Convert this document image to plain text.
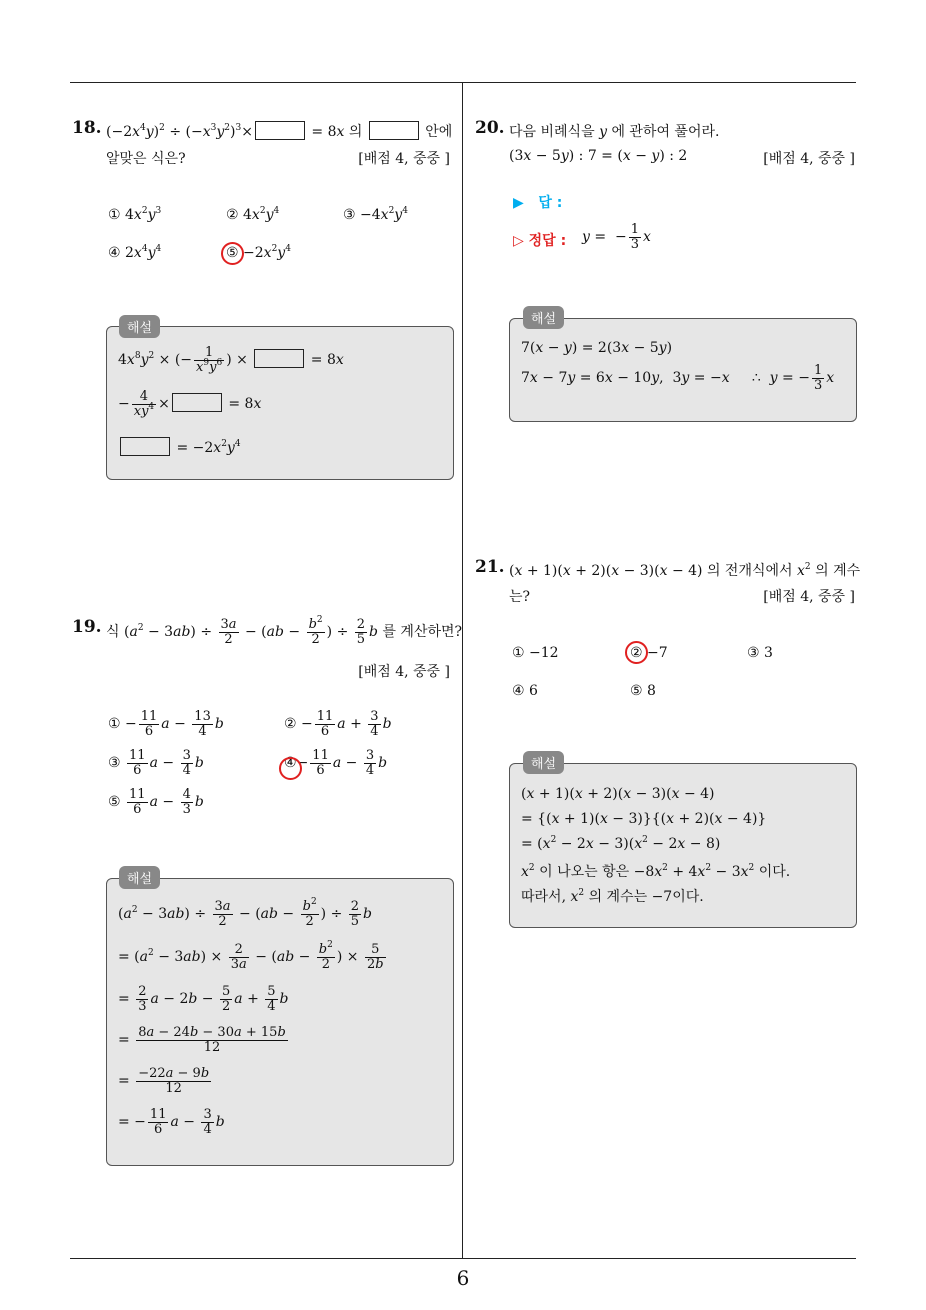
6
18. $(-2x^4y)^2 \div (-x^3y^2)^3\times$	= 8x 의	안에
알맞은 식은?	[배점 4, 중중 ]
① $4x^2y^3$	② $4x^2y^4$	③ $-4x^2y^4$
④ $2x^4y^4$	⑤ $-2x^2y^4$
해설
$4x^8y^2$ × (− $\frac{1}{x^9y^6}$ ) ×	= 8x
− $\frac{4}{xy^4}$ ×	= 8x
= $-2x^2y^4$
19. 식 $(a^2 - 3ab) \div \frac{3a}{2} - (ab - \frac{b^2}{2}$ ) ÷ $\frac{2}{5}$ b 를 계산하면?
[배점 4, 중중 ]
① − $\frac{11}{6}$ $a - \frac{13}{4}$ b	② − $\frac{11}{6}$ $a + \frac{3}{4}$ b
③ $\frac{11}{6}$ $a - \frac{3}{4}$ b	④− $\frac{11}{6}$ $a - \frac{3}{4}$ b
⑤ $\frac{11}{6}$ $a - \frac{4}{3}$ b
해설
$(a^2 - 3ab) \div \frac{3a}{2} - (ab - \frac{b^2}{2}$ ) ÷ $\frac{2}{5}$ b
= $(a^2 - 3ab) \times \frac{2}{3a} - (ab - \frac{b^2}{2}$ ) × $\frac{5}{2b}$
= $\frac{2}{3}$ $a - 2b - \frac{5}{2}$ $a + \frac{5}{4}$ b
= $\frac{8a - 24b - 30a + 15b}{12}$
= $\frac{-22a - 9b}{12}$
= − $\frac{11}{6}$ $a - \frac{3}{4}$ b
20. 다음 비례식을 y 에 관하여 풀어라.
(3x − 5y) : 7 = (x − y) : 2	[배점 4, 중중 ]
▶ 답 :
▷ 정답 : y =  − $\frac{1}{3}$ x
해설
7(x − y) = 2(3x − 5y)
7x − 7y = 6x − 10y,  3y = −x     ∴  y = − $\frac{1}{3}$ x
21. (x + 1)(x + 2)(x − 3)(x − 4) 의 전개식에서 $x^2$ 의 계수
는?	[배점 4, 중중 ]
① −12	② −7	③ 3
④ 6	⑤ 8
해설
(x + 1)(x + 2)(x − 3)(x − 4)
= {(x + 1)(x − 3)}{(x + 2)(x − 4)}
= $(x^2 - 2x - 3)(x^2 - 2x - 8)$
$x^2$ 이 나오는 항은 $-8x^2 + 4x^2 - 3x^2$ 이다.
따라서, $x^2$ 의 계수는 −7이다.
